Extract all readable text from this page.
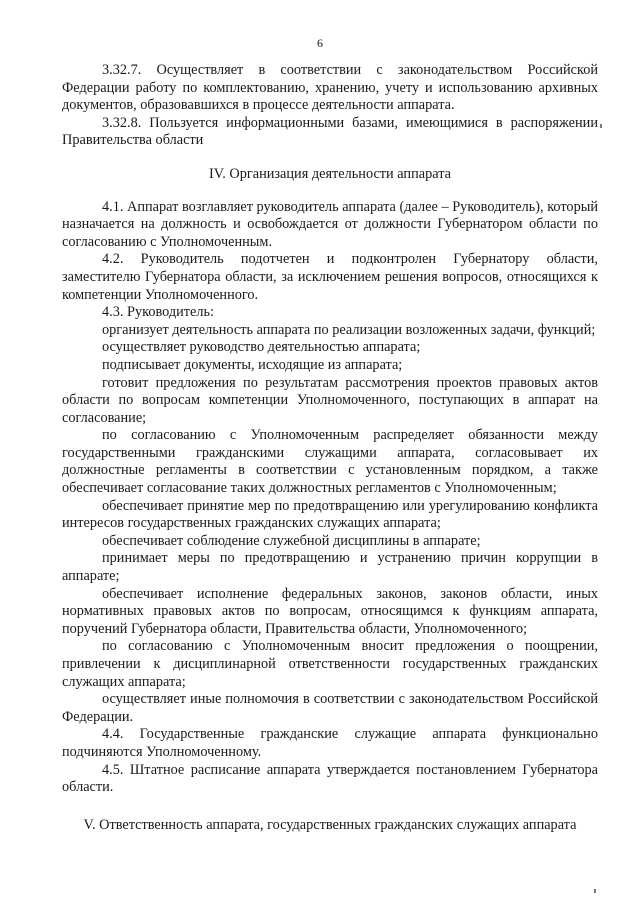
6

3.32.7. Осуществляет в соответствии с законодательством Российской Федерации работу по комплектованию, хранению, учету и использованию архивных документов, образовавшихся в процессе деятельности аппарата.

3.32.8. Пользуется информационными базами, имеющимися в распоряжении Правительства области

IV. Организация деятельности аппарата

4.1. Аппарат возглавляет руководитель аппарата (далее – Руководитель), который назначается на должность и освобождается от должности Губернатором области по согласованию с Уполномоченным.

4.2. Руководитель подотчетен и подконтролен Губернатору области, заместителю Губернатора области, за исключением решения вопросов, относящихся к компетенции Уполномоченного.

4.3. Руководитель:

организует деятельность аппарата по реализации возложенных задачи, функций;

осуществляет руководство деятельностью аппарата;

подписывает документы, исходящие из аппарата;

готовит предложения по результатам рассмотрения проектов правовых актов области по вопросам компетенции Уполномоченного, поступающих в аппарат на согласование;

по согласованию с Уполномоченным распределяет обязанности между государственными гражданскими служащими аппарата, согласовывает их должностные регламенты в соответствии с установленным порядком, а также обеспечивает согласование таких должностных регламентов с Уполномоченным;

обеспечивает принятие мер по предотвращению или урегулированию конфликта интересов государственных гражданских служащих аппарата;

обеспечивает соблюдение служебной дисциплины в аппарате;

принимает меры по предотвращению и устранению причин коррупции в аппарате;

обеспечивает исполнение федеральных законов, законов области, иных нормативных правовых актов по вопросам, относящимся к функциям аппарата, поручений Губернатора области, Правительства области, Уполномоченного;

по согласованию с Уполномоченным вносит предложения о поощрении, привлечении к дисциплинарной ответственности государственных гражданских служащих аппарата;

осуществляет иные полномочия в соответствии с законодательством Российской Федерации.

4.4. Государственные гражданские служащие аппарата функционально подчиняются Уполномоченному.

4.5. Штатное расписание аппарата утверждается постановлением Губернатора области.

V. Ответственность аппарата, государственных гражданских служащих аппарата
